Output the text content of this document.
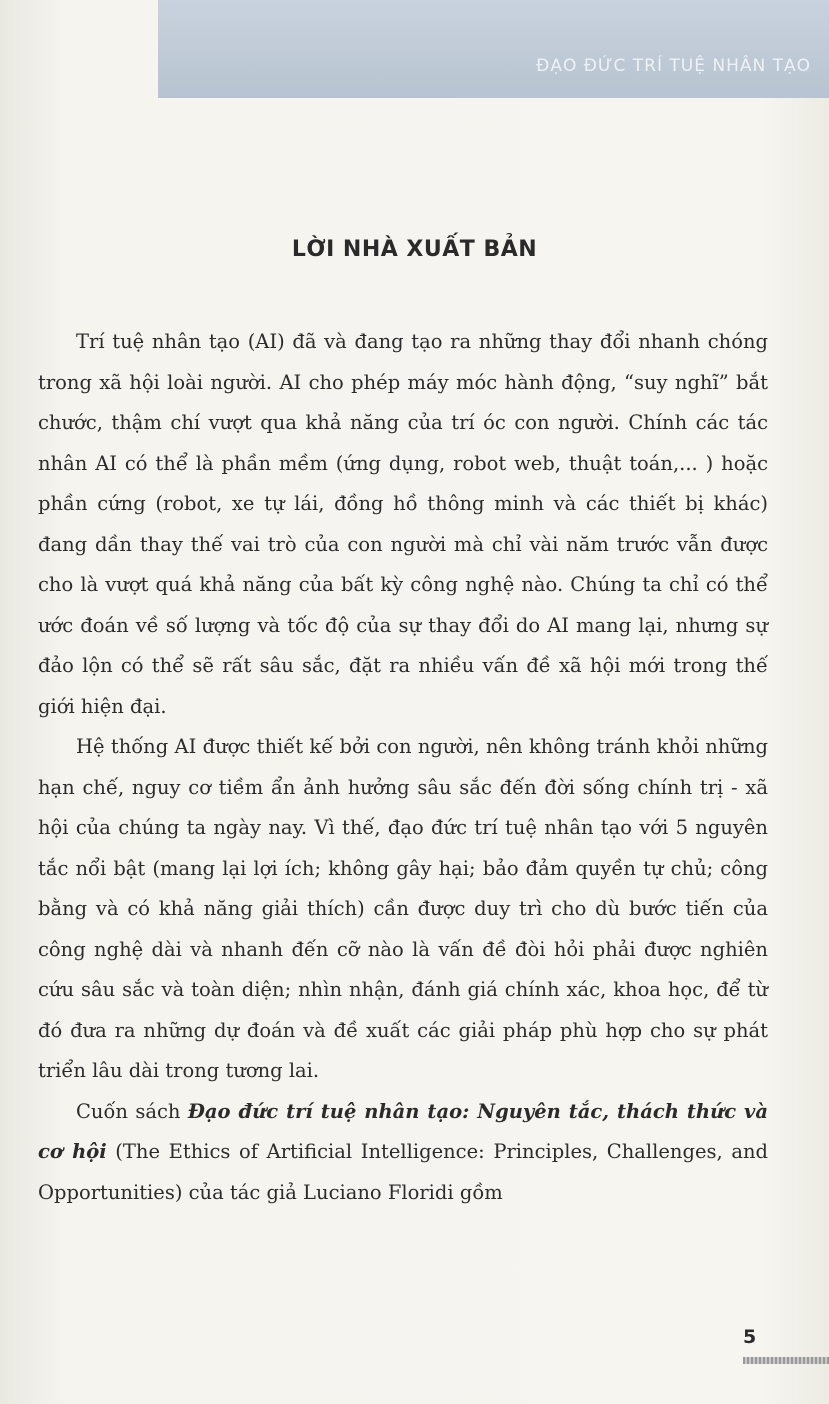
ĐẠO ĐỨC TRÍ TUỆ NHÂN TẠO
LỜI NHÀ XUẤT BẢN

Trí tuệ nhân tạo (AI) đã và đang tạo ra những thay đổi nhanh chóng trong xã hội loài người. AI cho phép máy móc hành động, “suy nghĩ” bắt chước, thậm chí vượt qua khả năng của trí óc con người. Chính các tác nhân AI có thể là phần mềm (ứng dụng, robot web, thuật toán,... ) hoặc phần cứng (robot, xe tự lái, đồng hồ thông minh và các thiết bị khác) đang dần thay thế vai trò của con người mà chỉ vài năm trước vẫn được cho là vượt quá khả năng của bất kỳ công nghệ nào. Chúng ta chỉ có thể ước đoán về số lượng và tốc độ của sự thay đổi do AI mang lại, nhưng sự đảo lộn có thể sẽ rất sâu sắc, đặt ra nhiều vấn đề xã hội mới trong thế giới hiện đại.

Hệ thống AI được thiết kế bởi con người, nên không tránh khỏi những hạn chế, nguy cơ tiềm ẩn ảnh hưởng sâu sắc đến đời sống chính trị - xã hội của chúng ta ngày nay. Vì thế, đạo đức trí tuệ nhân tạo với 5 nguyên tắc nổi bật (mang lại lợi ích; không gây hại; bảo đảm quyền tự chủ; công bằng và có khả năng giải thích) cần được duy trì cho dù bước tiến của công nghệ dài và nhanh đến cỡ nào là vấn đề đòi hỏi phải được nghiên cứu sâu sắc và toàn diện; nhìn nhận, đánh giá chính xác, khoa học, để từ đó đưa ra những dự đoán và đề xuất các giải pháp phù hợp cho sự phát triển lâu dài trong tương lai.

Cuốn sách Đạo đức trí tuệ nhân tạo: Nguyên tắc, thách thức và cơ hội (The Ethics of Artificial Intelligence: Principles, Challenges, and Opportunities) của tác giả Luciano Floridi gồm

5
